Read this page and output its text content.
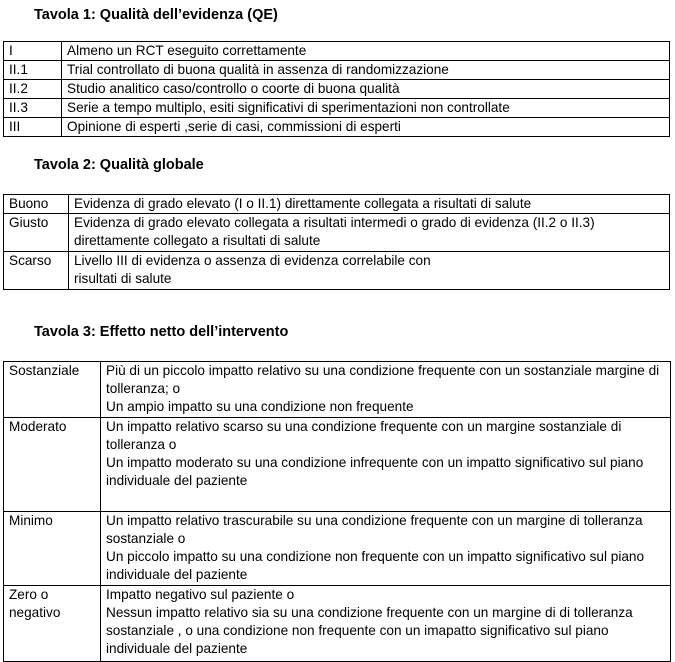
Tavola 1: Qualità dell’evidenza (QE)
I	Almeno un RCT eseguito correttamente
II.1	Trial controllato di buona qualità in assenza di randomizzazione
II.2	Studio analitico caso/controllo o coorte di buona qualità
II.3	Serie a tempo multiplo, esiti significativi di sperimentazioni non controllate
III	Opinione di esperti ,serie di casi, commissioni di esperti
Tavola 2: Qualità globale
Buono	Evidenza di grado elevato (I o II.1) direttamente collegata a risultati di salute
Giusto	Evidenza di grado elevato collegata a risultati intermedi o grado di evidenza (II.2 o II.3) direttamente collegato a risultati di salute
Scarso	Livello III di evidenza o assenza di evidenza correlabile con
risultati di salute
Tavola 3: Effetto netto dell’intervento
Sostanziale	Più di un piccolo impatto relativo su una condizione frequente con un sostanziale margine di tolleranza; o
Un ampio impatto su una condizione non frequente
Moderato	Un impatto relativo scarso su una condizione frequente con un margine sostanziale di tolleranza o
Un impatto moderato su una condizione infrequente con un impatto significativo sul piano individuale del paziente
Minimo	Un impatto relativo trascurabile su una condizione frequente con un margine di tolleranza sostanziale o
Un piccolo impatto su una condizione non frequente con un impatto significativo sul piano individuale del paziente
Zero o
negativo	Impatto negativo sul paziente o
Nessun impatto relativo sia su una condizione frequente con un margine di di tolleranza sostanziale , o una condizione non frequente con un imapatto significativo sul piano individuale del paziente
